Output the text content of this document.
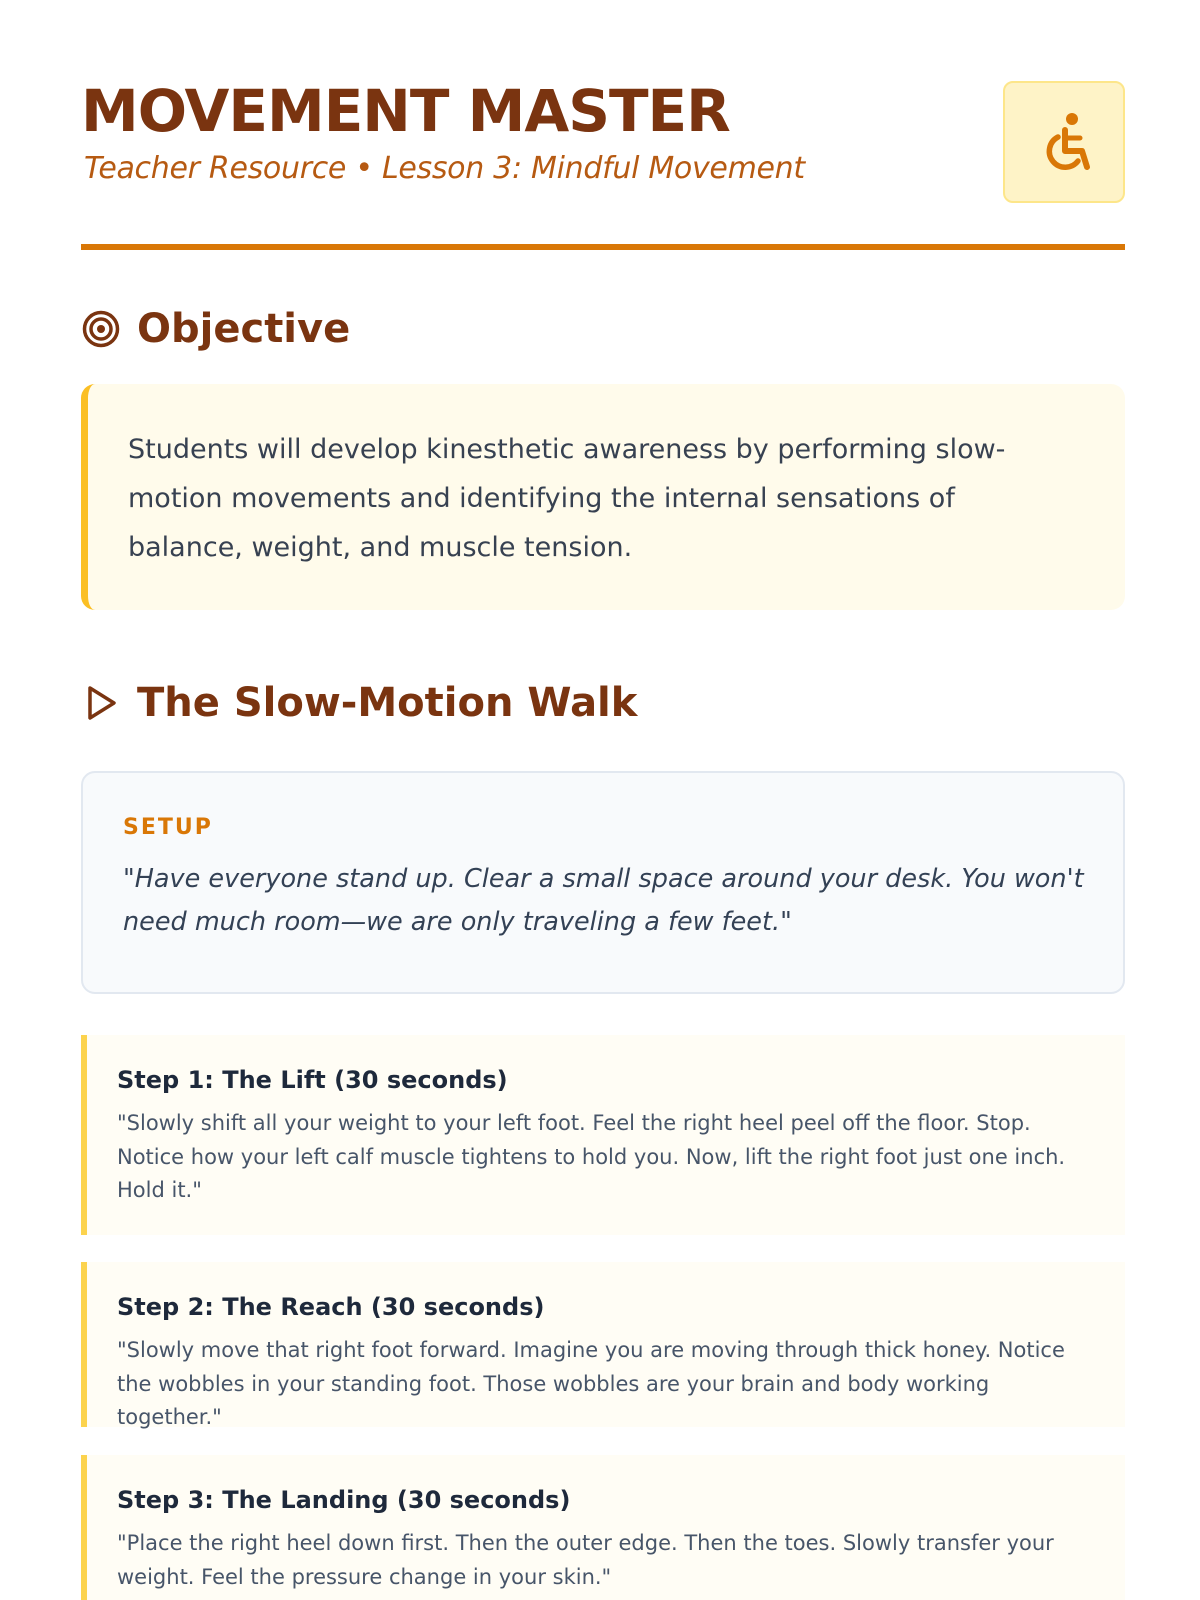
MOVEMENT MASTER
Teacher Resource • Lesson 3: Mindful Movement
Objective
Students will develop kinesthetic awareness by performing slow-motion movements and identifying the internal sensations of balance, weight, and muscle tension.
The Slow-Motion Walk
SETUP
"Have everyone stand up. Clear a small space around your desk. You won't need much room—we are only traveling a few feet."
Step 1: The Lift (30 seconds)
"Slowly shift all your weight to your left foot. Feel the right heel peel off the floor. Stop. Notice how your left calf muscle tightens to hold you. Now, lift the right foot just one inch. Hold it."
Step 2: The Reach (30 seconds)
"Slowly move that right foot forward. Imagine you are moving through thick honey. Notice the wobbles in your standing foot. Those wobbles are your brain and body working together."
Step 3: The Landing (30 seconds)
"Place the right heel down first. Then the outer edge. Then the toes. Slowly transfer your weight. Feel the pressure change in your skin."
